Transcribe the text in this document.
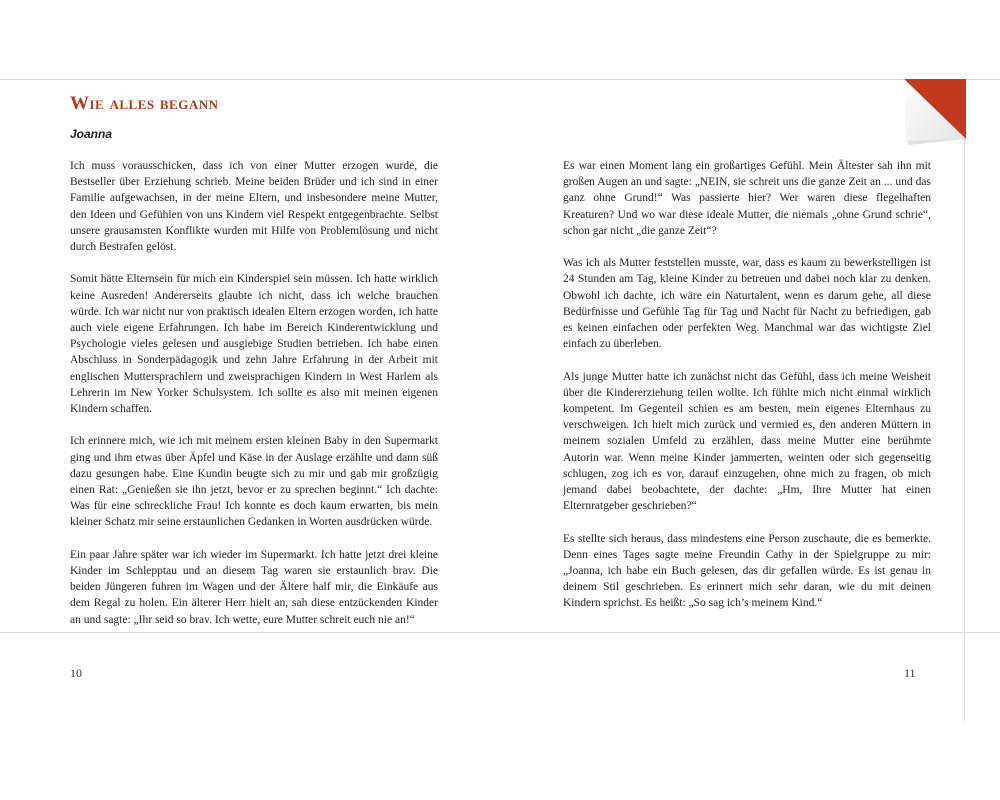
Wie alles begann
Joanna

Ich muss vorausschicken, dass ich von einer Mutter erzogen wurde, die Bestseller über Erziehung schrieb. Meine beiden Brüder und ich sind in einer Familie aufgewachsen, in der meine Eltern, und insbesondere meine Mutter, den Ideen und Gefühlen von uns Kindern viel Respekt entgegenbrachte. Selbst unsere grausamsten Konflikte wurden mit Hilfe von Problemlösung und nicht durch Bestrafen gelöst.

Somit hätte Elternsein für mich ein Kinderspiel sein müssen. Ich hatte wirklich keine Ausreden! Andererseits glaubte ich nicht, dass ich welche brauchen würde. Ich war nicht nur von praktisch idealen Eltern erzogen worden, ich hatte auch viele eigene Erfahrungen. Ich habe im Bereich Kinderentwicklung und Psychologie vieles gelesen und ausgiebige Studien betrieben. Ich habe einen Abschluss in Sonderpädagogik und zehn Jahre Erfahrung in der Arbeit mit englischen Muttersprachlern und zweisprachigen Kindern in West Harlem als Lehrerin im New Yorker Schulsystem. Ich sollte es also mit meinen eigenen Kindern schaffen.

Ich erinnere mich, wie ich mit meinem ersten kleinen Baby in den Supermarkt ging und ihm etwas über Äpfel und Käse in der Auslage erzählte und dann süß dazu gesungen habe. Eine Kundin beugte sich zu mir und gab mir großzügig einen Rat: „Genießen sie ihn jetzt, bevor er zu sprechen beginnt.“ Ich dachte: Was für eine schreckliche Frau! Ich konnte es doch kaum erwarten, bis mein kleiner Schatz mir seine erstaunlichen Gedanken in Worten ausdrücken würde.

Ein paar Jahre später war ich wieder im Supermarkt. Ich hatte jetzt drei kleine Kinder im Schlepptau und an diesem Tag waren sie erstaunlich brav. Die beiden Jüngeren fuhren im Wagen und der Ältere half mir, die Einkäufe aus dem Regal zu holen. Ein älterer Herr hielt an, sah diese entzückenden Kinder an und sagte: „Ihr seid so brav. Ich wette, eure Mutter schreit euch nie an!“

Es war einen Moment lang ein großartiges Gefühl. Mein Ältester sah ihn mit großen Augen an und sagte: „NEIN, sie schreit uns die ganze Zeit an ... und das ganz ohne Grund!“ Was passierte hier? Wer waren diese flegelhaften Kreaturen? Und wo war diese ideale Mutter, die niemals „ohne Grund schrie“, schon gar nicht „die ganze Zeit“?

Was ich als Mutter feststellen musste, war, dass es kaum zu bewerkstelligen ist 24 Stunden am Tag, kleine Kinder zu betreuen und dabei noch klar zu denken. Obwohl ich dachte, ich wäre ein Naturtalent, wenn es darum gehe, all diese Bedürfnisse und Gefühle Tag für Tag und Nacht für Nacht zu befriedigen, gab es keinen einfachen oder perfekten Weg. Manchmal war das wichtigste Ziel einfach zu überleben.

Als junge Mutter hatte ich zunächst nicht das Gefühl, dass ich meine Weisheit über die Kindererziehung teilen wollte. Ich fühlte mich nicht einmal wirklich kompetent. Im Gegenteil schien es am besten, mein eigenes Elternhaus zu verschweigen. Ich hielt mich zurück und vermied es, den anderen Müttern in meinem sozialen Umfeld zu erzählen, dass meine Mutter eine berühmte Autorin war. Wenn meine Kinder jammerten, weinten oder sich gegenseitig schlugen, zog ich es vor, darauf einzugehen, ohne mich zu fragen, ob mich jemand dabei beobachtete, der dachte: „Hm, Ihre Mutter hat einen Elternratgeber geschrieben?“

Es stellte sich heraus, dass mindestens eine Person zuschaute, die es bemerkte. Denn eines Tages sagte meine Freundin Cathy in der Spielgruppe zu mir: „Joanna, ich habe ein Buch gelesen, das dir gefallen würde. Es ist genau in deinem Stil geschrieben. Es erinnert mich sehr daran, wie du mit deinen Kindern sprichst. Es heißt: „So sag ich’s meinem Kind.“

10	11
